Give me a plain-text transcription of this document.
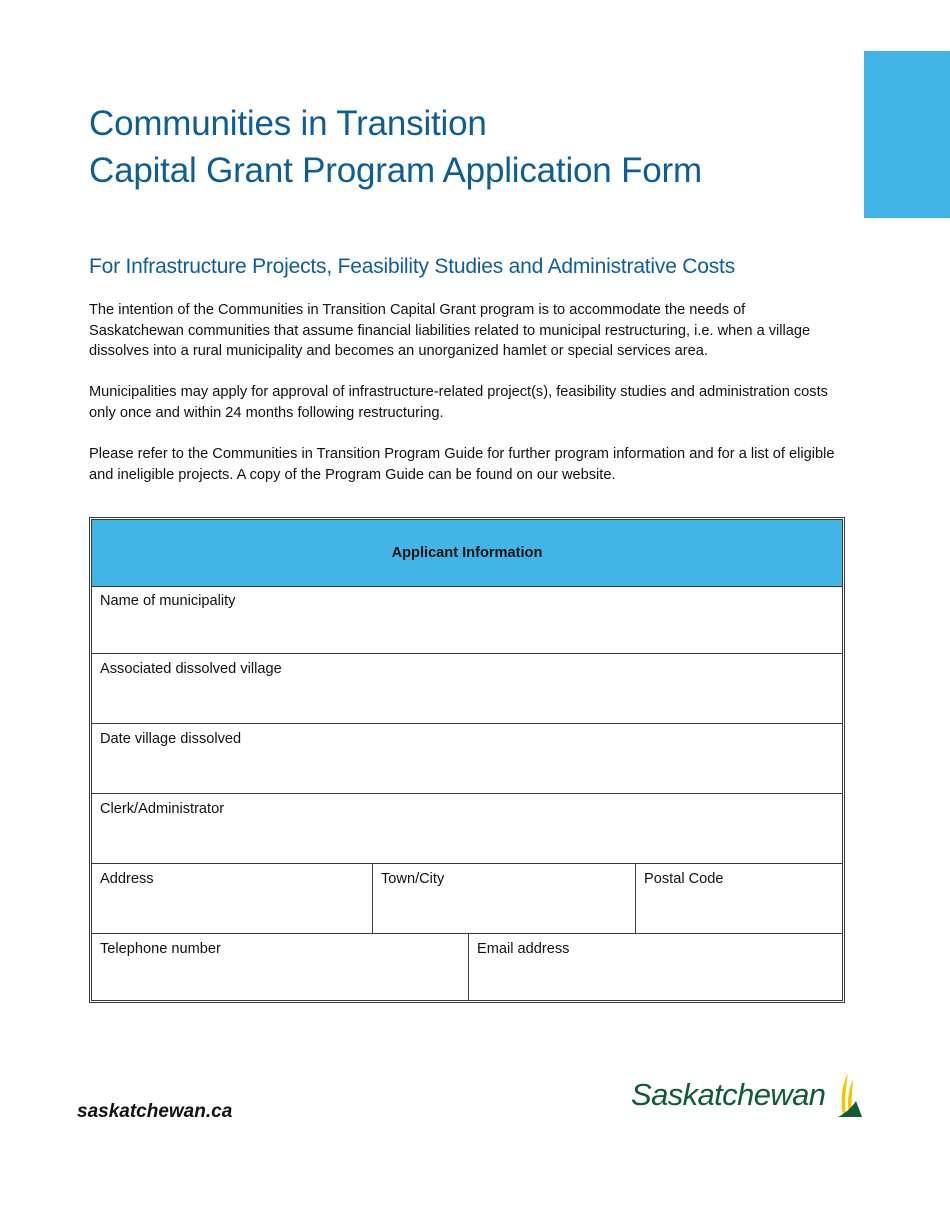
Communities in Transition
Capital Grant Program Application Form
For Infrastructure Projects, Feasibility Studies and Administrative Costs

The intention of the Communities in Transition Capital Grant program is to accommodate the needs of Saskatchewan communities that assume financial liabilities related to municipal restructuring, i.e. when a village dissolves into a rural municipality and becomes an unorganized hamlet or special services area.

Municipalities may apply for approval of infrastructure-related project(s), feasibility studies and administration costs only once and within 24 months following restructuring.

Please refer to the Communities in Transition Program Guide for further program information and for a list of eligible and ineligible projects. A copy of the Program Guide can be found on our website.

Applicant Information
Name of municipality
Associated dissolved village
Date village dissolved
Clerk/Administrator
Address	Town/City	Postal Code
Telephone number	Email address

saskatchewan.ca	Saskatchewan
